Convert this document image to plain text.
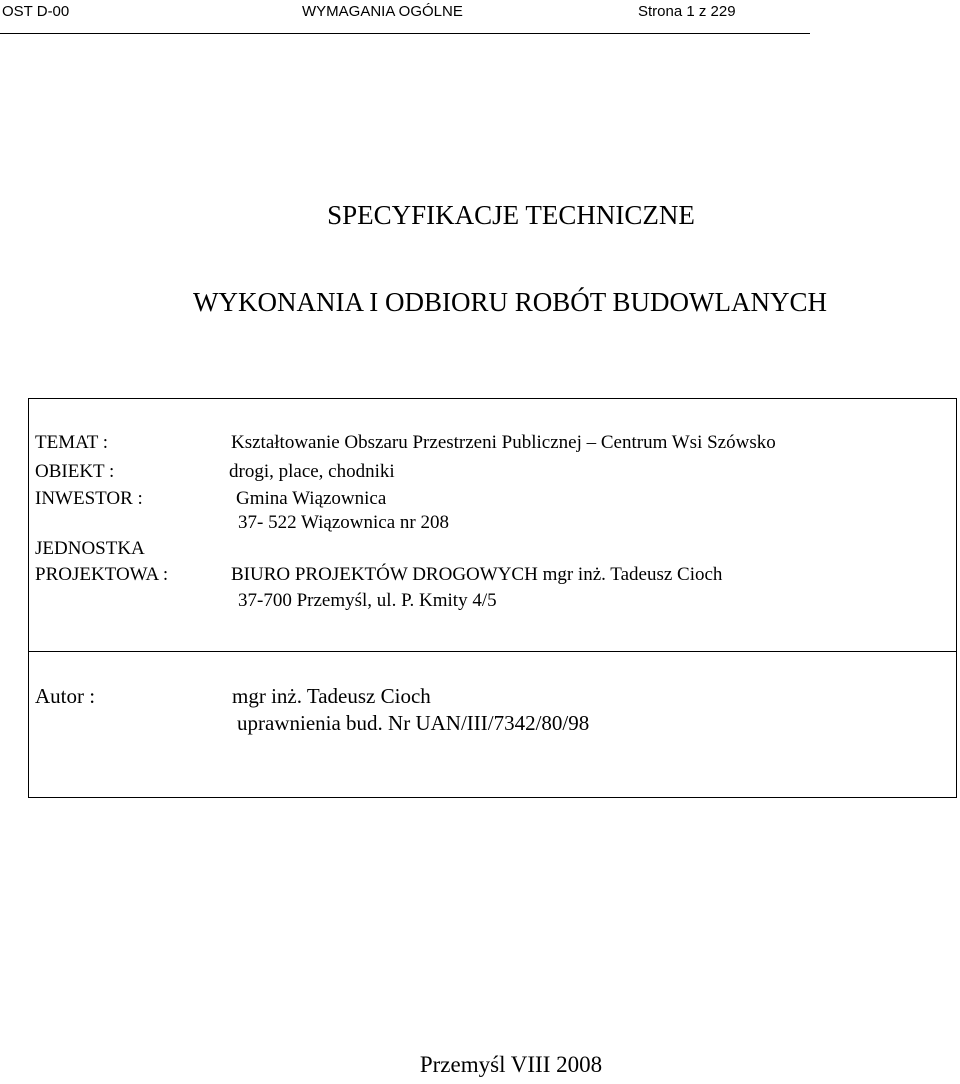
OST D-00	WYMAGANIA OGÓLNE	Strona 1 z 229
SPECYFIKACJE TECHNICZNE
WYKONANIA I ODBIORU ROBÓT BUDOWLANYCH
TEMAT :	Kształtowanie Obszaru Przestrzeni Publicznej – Centrum Wsi Szówsko
OBIEKT :	drogi, place, chodniki
INWESTOR :	Gmina Wiązownica
37- 522 Wiązownica nr 208
JEDNOSTKA
PROJEKTOWA :	BIURO PROJEKTÓW DROGOWYCH mgr inż. Tadeusz Cioch
37-700 Przemyśl, ul. P. Kmity 4/5
Autor :	mgr inż. Tadeusz Cioch
uprawnienia bud. Nr UAN/III/7342/80/98
Przemyśl VIII 2008
